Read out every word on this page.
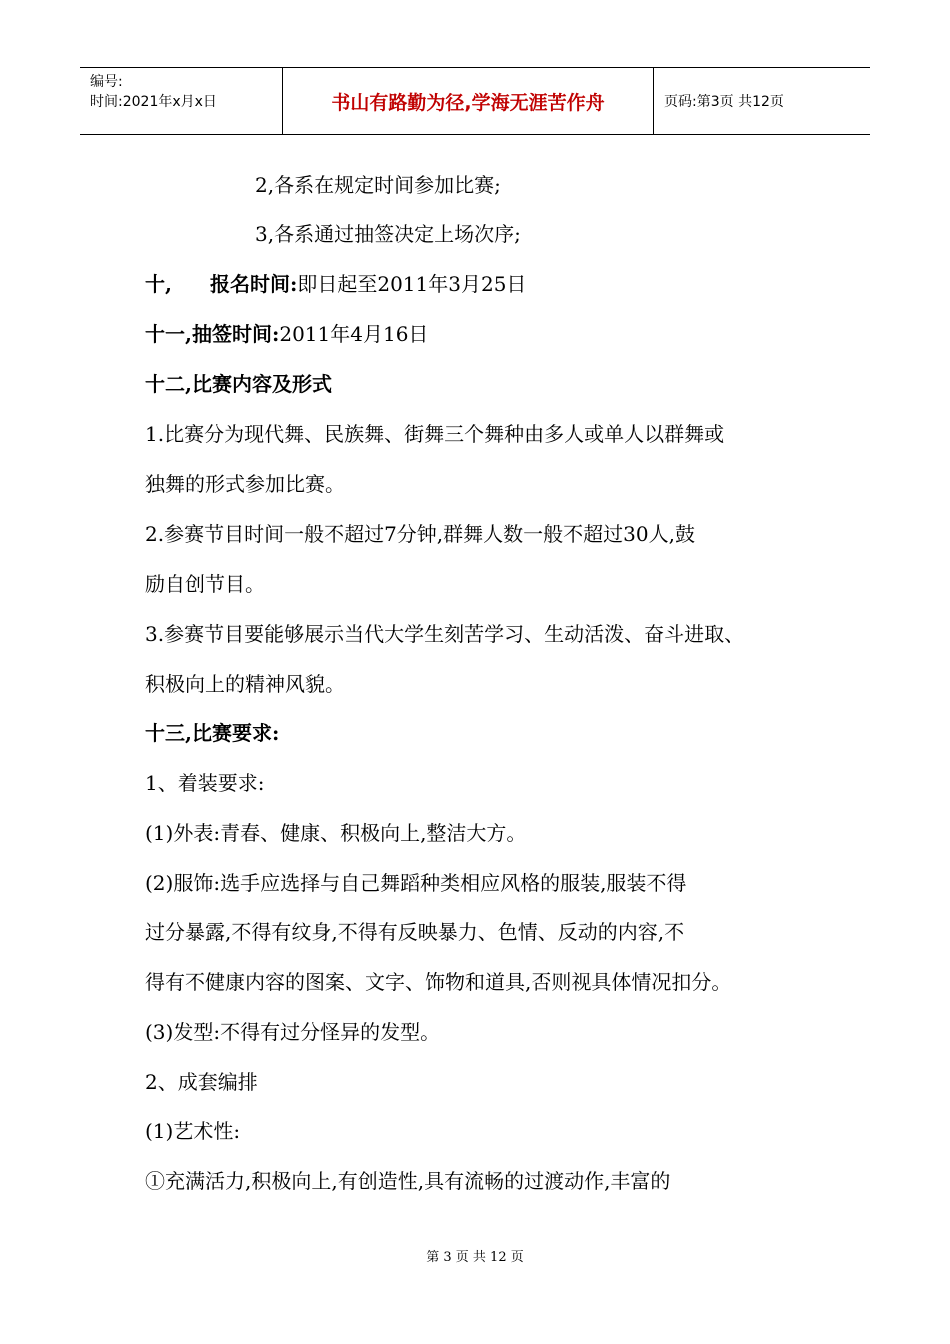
编号:
时间:2021年x月x日	书山有路勤为径,学海无涯苦作舟	页码:第3页 共12页
2,各系在规定时间参加比赛;
3,各系通过抽签决定上场次序;
十, 报名时间:即日起至2011年3月25日
十一,抽签时间:2011年4月16日
十二,比赛内容及形式
1.比赛分为现代舞、民族舞、街舞三个舞种由多人或单人以群舞或
独舞的形式参加比赛。
2.参赛节目时间一般不超过7分钟,群舞人数一般不超过30人,鼓
励自创节目。
3.参赛节目要能够展示当代大学生刻苦学习、生动活泼、奋斗进取、
积极向上的精神风貌。
十三,比赛要求:
1、着装要求:
(1)外表:青春、健康、积极向上,整洁大方。
(2)服饰:选手应选择与自己舞蹈种类相应风格的服装,服装不得
过分暴露,不得有纹身,不得有反映暴力、色情、反动的内容,不
得有不健康内容的图案、文字、饰物和道具,否则视具体情况扣分。
(3)发型:不得有过分怪异的发型。
2、成套编排
(1)艺术性:
①充满活力,积极向上,有创造性,具有流畅的过渡动作,丰富的
第 3 页 共 12 页
